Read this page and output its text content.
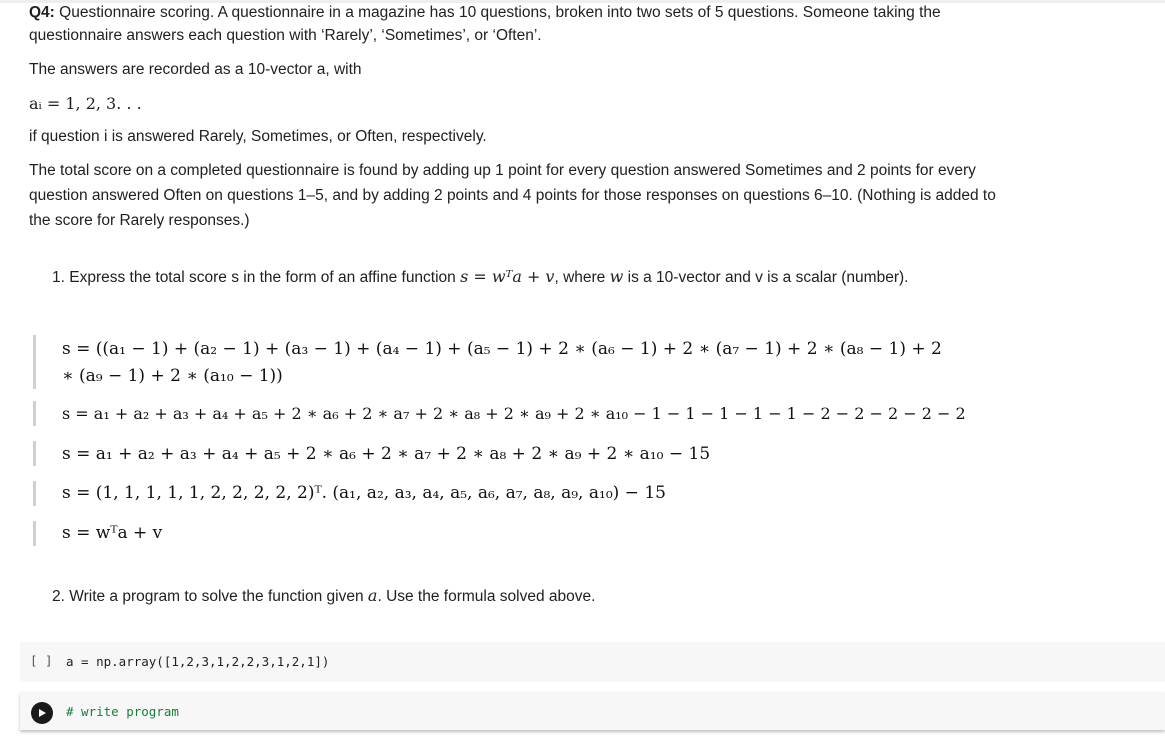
Q4: Questionnaire scoring. A questionnaire in a magazine has 10 questions, broken into two sets of 5 questions. Someone taking the

questionnaire answers each question with ‘Rarely’, ‘Sometimes’, or ‘Often’.

The answers are recorded as a 10-vector a, with

aᵢ = 1, 2, 3. . .

if question i is answered Rarely, Sometimes, or Often, respectively.

The total score on a completed questionnaire is found by adding up 1 point for every question answered Sometimes and 2 points for every

question answered Often on questions 1–5, and by adding 2 points and 4 points for those responses on questions 6–10. (Nothing is added to

the score for Rarely responses.)

1. Express the total score s in the form of an affine function s = wᵀa + v, where w is a 10-vector and v is a scalar (number).
s = ((a₁ − 1) + (a₂ − 1) + (a₃ − 1) + (a₄ − 1) + (a₅ − 1) + 2 ∗ (a₆ − 1) + 2 ∗ (a₇ − 1) + 2 ∗ (a₈ − 1) + 2
∗ (a₉ − 1) + 2 ∗ (a₁₀ − 1))
s = a₁ + a₂ + a₃ + a₄ + a₅ + 2 ∗ a₆ + 2 ∗ a₇ + 2 ∗ a₈ + 2 ∗ a₉ + 2 ∗ a₁₀ − 1 − 1 − 1 − 1 − 1 − 2 − 2 − 2 − 2 − 2
s = a₁ + a₂ + a₃ + a₄ + a₅ + 2 ∗ a₆ + 2 ∗ a₇ + 2 ∗ a₈ + 2 ∗ a₉ + 2 ∗ a₁₀ − 15
s = (1, 1, 1, 1, 1, 2, 2, 2, 2, 2)ᵀ. (a₁, a₂, a₃, a₄, a₅, a₆, a₇, a₈, a₉, a₁₀) − 15
s = wᵀa + v
2. Write a program to solve the function given a. Use the formula solved above.
[ ] a = np.array([1,2,3,1,2,2,3,1,2,1])
# write program
